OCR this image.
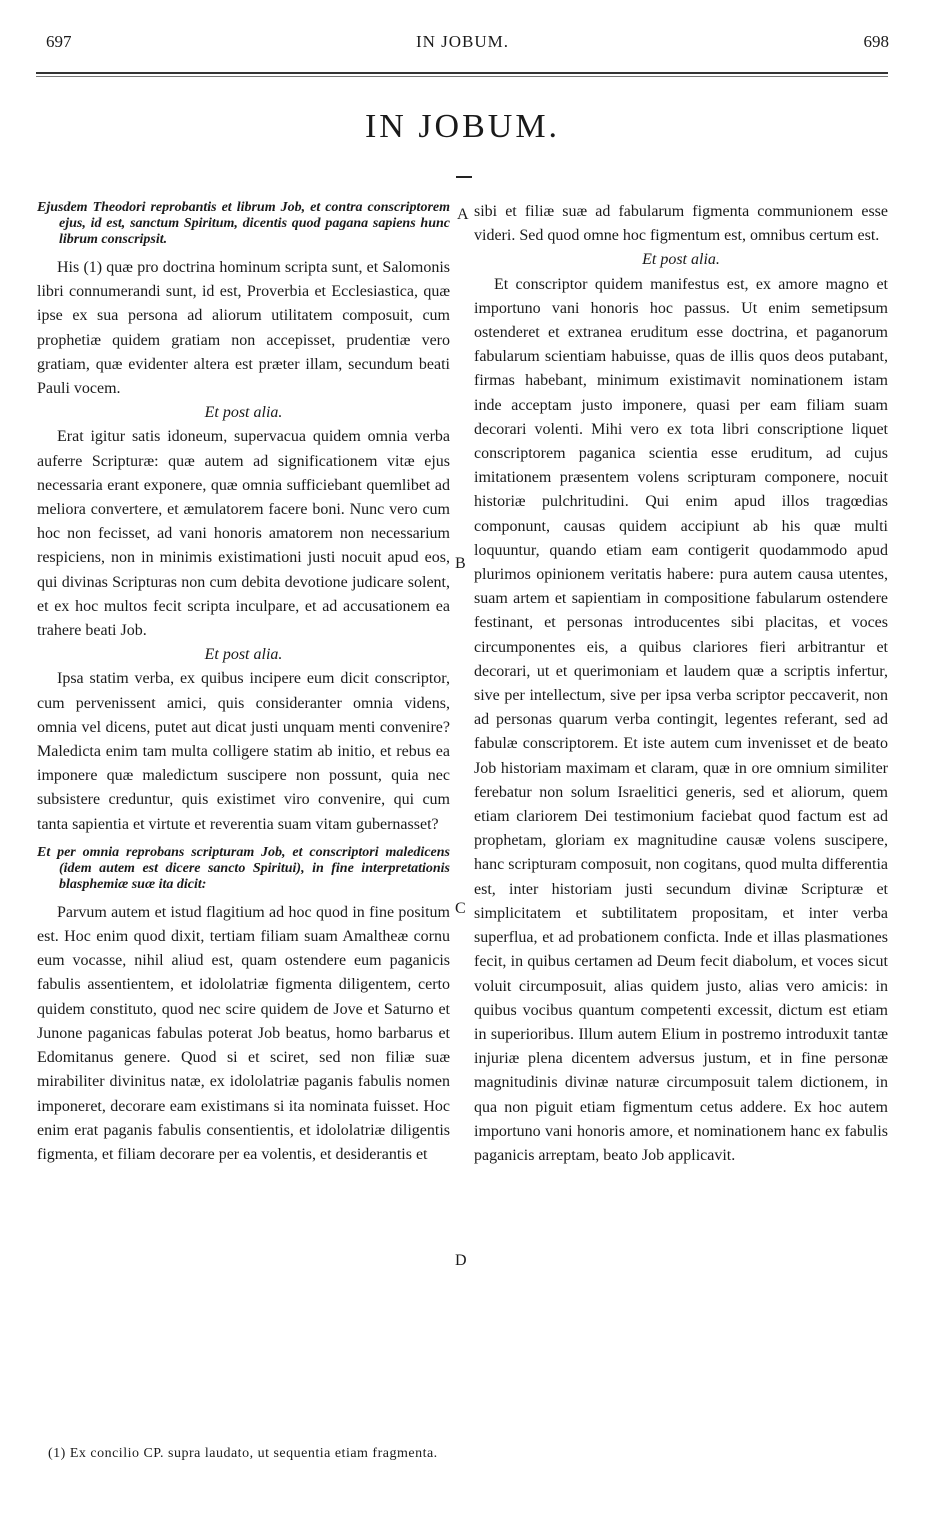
697	IN JOBUM.	698
IN JOBUM.

Ejusdem Theodori reprobantis et librum Job, et contra conscriptorem ejus, id est, sanctum Spiritum, dicentis quod pagana sapiens hunc librum conscripsit.

His (1) quæ pro doctrina hominum scripta sunt, et Salomonis libri connumerandi sunt, id est, Proverbia et Ecclesiastica, quæ ipse ex sua persona ad aliorum utilitatem composuit, cum prophetiæ quidem gratiam non accepisset, prudentiæ vero gratiam, quæ evidenter altera est præter illam, secundum beati Pauli vocem.

Et post alia.

Erat igitur satis idoneum, supervacua quidem omnia verba auferre Scripturæ: quæ autem ad significationem vitæ ejus necessaria erant exponere, quæ omnia sufficiebant quemlibet ad meliora convertere, et æmulatorem facere boni. Nunc vero cum hoc non fecisset, ad vani honoris amatorem non necessarium respiciens, non in minimis existimationi justi nocuit apud eos, qui divinas Scripturas non cum debita devotione judicare solent, et ex hoc multos fecit scripta inculpare, et ad accusationem ea trahere beati Job.

Et post alia.

Ipsa statim verba, ex quibus incipere eum dicit conscriptor, cum pervenissent amici, quis consideranter omnia videns, omnia vel dicens, putet aut dicat justi unquam menti convenire? Maledicta enim tam multa colligere statim ab initio, et rebus ea imponere quæ maledictum suscipere non possunt, quia nec subsistere creduntur, quis existimet viro convenire, qui cum tanta sapientia et virtute et reverentia suam vitam gubernasset?

Et per omnia reprobans scripturam Job, et conscriptori maledicens (idem autem est dicere sancto Spiritui), in fine interpretationis blasphemiæ suæ ita dicit:

Parvum autem et istud flagitium ad hoc quod in fine positum est. Hoc enim quod dixit, tertiam filiam suam Amaltheæ cornu eum vocasse, nihil aliud est, quam ostendere eum paganicis fabulis assentientem, et idololatriæ figmenta diligentem, certo quidem constituto, quod nec scire quidem de Jove et Saturno et Junone paganicas fabulas poterat Job beatus, homo barbarus et Edomitanus genere. Quod si et sciret, sed non filiæ suæ mirabiliter divinitus natæ, ex idololatriæ paganis fabulis nomen imponeret, decorare eam existimans si ita nominata fuisset. Hoc enim erat paganis fabulis consentientis, et idololatriæ diligentis figmenta, et filiam decorare per ea volentis, et desiderantis et

sibi et filiæ suæ ad fabularum figmenta communionem esse videri. Sed quod omne hoc figmentum est, omnibus certum est.

Et post alia.

Et conscriptor quidem manifestus est, ex amore magno et importuno vani honoris hoc passus. Ut enim semetipsum ostenderet et extranea eruditum esse doctrina, et paganorum fabularum scientiam habuisse, quas de illis quos deos putabant, firmas habebant, minimum existimavit nominationem istam inde acceptam justo imponere, quasi per eam filiam suam decorari volenti. Mihi vero ex tota libri conscriptione liquet conscriptorem paganica scientia esse eruditum, ad cujus imitationem præsentem volens scripturam componere, nocuit historiæ pulchritudini. Qui enim apud illos tragœdias componunt, causas quidem accipiunt ab his quæ multi loquuntur, quando etiam eam contigerit quodammodo apud plurimos opinionem veritatis habere: pura autem causa utentes, suam artem et sapientiam in compositione fabularum ostendere festinant, et personas introducentes sibi placitas, et voces circumponentes eis, a quibus clariores fieri arbitrantur et decorari, ut et querimoniam et laudem quæ a scriptis infertur, sive per intellectum, sive per ipsa verba scriptor peccaverit, non ad personas quarum verba contingit, legentes referant, sed ad fabulæ conscriptorem. Et iste autem cum invenisset et de beato Job historiam maximam et claram, quæ in ore omnium similiter ferebatur non solum Israelitici generis, sed et aliorum, quem etiam clariorem Dei testimonium faciebat quod factum est ad prophetam, gloriam ex magnitudine causæ volens suscipere, hanc scripturam composuit, non cogitans, quod multa differentia est, inter historiam justi secundum divinæ Scripturæ et simplicitatem et subtilitatem propositam, et inter verba superflua, et ad probationem conficta. Inde et illas plasmationes fecit, in quibus certamen ad Deum fecit diabolum, et voces sicut voluit circumposuit, alias quidem justo, alias vero amicis: in quibus vocibus quantum competenti excessit, dictum est etiam in superioribus. Illum autem Elium in postremo introduxit tantæ injuriæ plena dicentem adversus justum, et in fine personæ magnitudinis divinæ naturæ circumposuit talem dictionem, in qua non piguit etiam figmentum cetus addere. Ex hoc autem importuno vani honoris amore, et nominationem hanc ex fabulis paganicis arreptam, beato Job applicavit.

A
B
C
D
(1) Ex concilio CP. supra laudato, ut sequentia etiam fragmenta.
